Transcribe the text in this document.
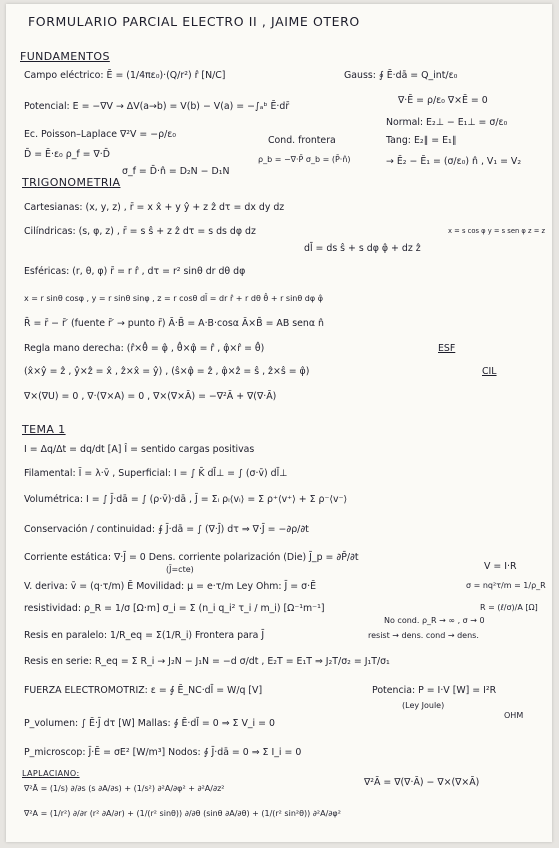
FORMULARIO PARCIAL ELECTRO II , JAIME OTERO
FUNDAMENTOS
Campo eléctrico: Ē = (1/4πε₀)·(Q/r²) r̂ [N/C]	Gauss: ∮ Ē·dā = Q_int/ε₀
Potencial: E = −∇V → ΔV(a→b) = V(b) − V(a) = −∫ₐᵇ Ē·dr̄
∇·Ē = ρ/ε₀ ∇×Ē = 0
Normal: E₂⊥ − E₁⊥ = σ/ε₀
Ec. Poisson–Laplace ∇²V = −ρ/ε₀
Cond. frontera	Tang: E₂∥ = E₁∥
D̄ = Ē·ε₀ ρ_f = ∇·D̄	ρ_b = −∇·P̄ σ_b = (P̄·n̂)	→ Ē₂ − Ē₁ = (σ/ε₀) n̂ , V₁ = V₂
σ_f = D̄·n̂ = D₂N − D₁N
TRIGONOMETRIA
Cartesianas: (x, y, z) , r̄ = x x̂ + y ŷ + z ẑ dτ = dx dy dz
Cilíndricas: (s, φ, z) , r̄ = s ŝ + z ẑ dτ = s ds dφ dz	x = s cos φ y = s sen φ z = z
dl̄ = ds ŝ + s dφ φ̂ + dz ẑ
Esféricas: (r, θ, φ) r̄ = r r̂ , dτ = r² sinθ dr dθ dφ
x = r sinθ cosφ , y = r sinθ sinφ , z = r cosθ dl̄ = dr r̂ + r dθ θ̂ + r sinθ dφ φ̂
R̄ = r̄ − r̄′ (fuente r̄′ → punto r̄) Ā·B̄ = A·B·cosα Ā×B̄ = AB senα n̂
Regla mano derecha: (r̂×θ̂ = φ̂ , θ̂×φ̂ = r̂ , φ̂×r̂ = θ̂)	ESF
(x̂×ŷ = ẑ , ŷ×ẑ = x̂ , ẑ×x̂ = ŷ) , (ŝ×φ̂ = ẑ , φ̂×ẑ = ŝ , ẑ×ŝ = φ̂)	CIL
∇×(∇U) = 0 , ∇·(∇×A) = 0 , ∇×(∇×Ā) = −∇²Ā + ∇(∇·Ā)
TEMA 1
I = Δq/Δt = dq/dt [A] Î = sentido cargas positivas
Filamental: Ī = λ·v̄ , Superficial: I = ∫ K̄ dl̄⊥ = ∫ (σ·v̄) dl̄⊥
Volumétrica: I = ∫ J̄·dā = ∫ (ρ·v̄)·dā , J̄ = Σᵢ ρᵢ⟨vᵢ⟩ = Σ ρ⁺⟨v⁺⟩ + Σ ρ⁻⟨v⁻⟩
Conservación / continuidad: ∮ J̄·dā = ∫ (∇·J̄) dτ ⇒ ∇·J̄ = −∂ρ/∂t
Corriente estática: ∇·J̄ = 0 Dens. corriente polarización (Die) J̄_p = ∂P̄/∂t
(J̄=cte)	V = I·R
V. deriva: v̄ = (q·τ/m) Ē Movilidad: μ = e·τ/m Ley Ohm: J̄ = σ·Ē	σ = nq²τ/m = 1/ρ_R
resistividad: ρ_R = 1/σ [Ω·m] σ_i = Σ (n_i q_i² τ_i / m_i) [Ω⁻¹m⁻¹]	R = (ℓ/σ)/A [Ω]
No cond. ρ_R → ∞ , σ → 0
Resis en paralelo: 1/R_eq = Σ(1/R_i) Frontera para J̄	resist → dens. cond → dens.
Resis en serie: R_eq = Σ R_i → J₂N − J₁N = −d σ/dt , E₂T = E₁T ⇒ J₂T/σ₂ = J₁T/σ₁
FUERZA ELECTROMOTRIZ: ε = ∮ Ē_NC·dl̄ = W/q [V]	Potencia: P = I·V [W] = I²R
(Ley Joule)
OHM
P_volumen: ∫ Ē·J̄ dτ [W] Mallas: ∮ Ē·dl̄ = 0 ⇒ Σ V_i = 0
P_microscop: J̄·Ē = σE² [W/m³] Nodos: ∮ J̄·dā = 0 ⇒ Σ I_i = 0
LAPLACIANO:
∇²Ā = (1/s) ∂/∂s (s ∂A/∂s) + (1/s²) ∂²A/∂φ² + ∂²A/∂z²
∇²Ā = ∇(∇·Ā) − ∇×(∇×Ā)
∇²A = (1/r²) ∂/∂r (r² ∂A/∂r) + (1/(r² sinθ)) ∂/∂θ (sinθ ∂A/∂θ) + (1/(r² sin²θ)) ∂²A/∂φ²
